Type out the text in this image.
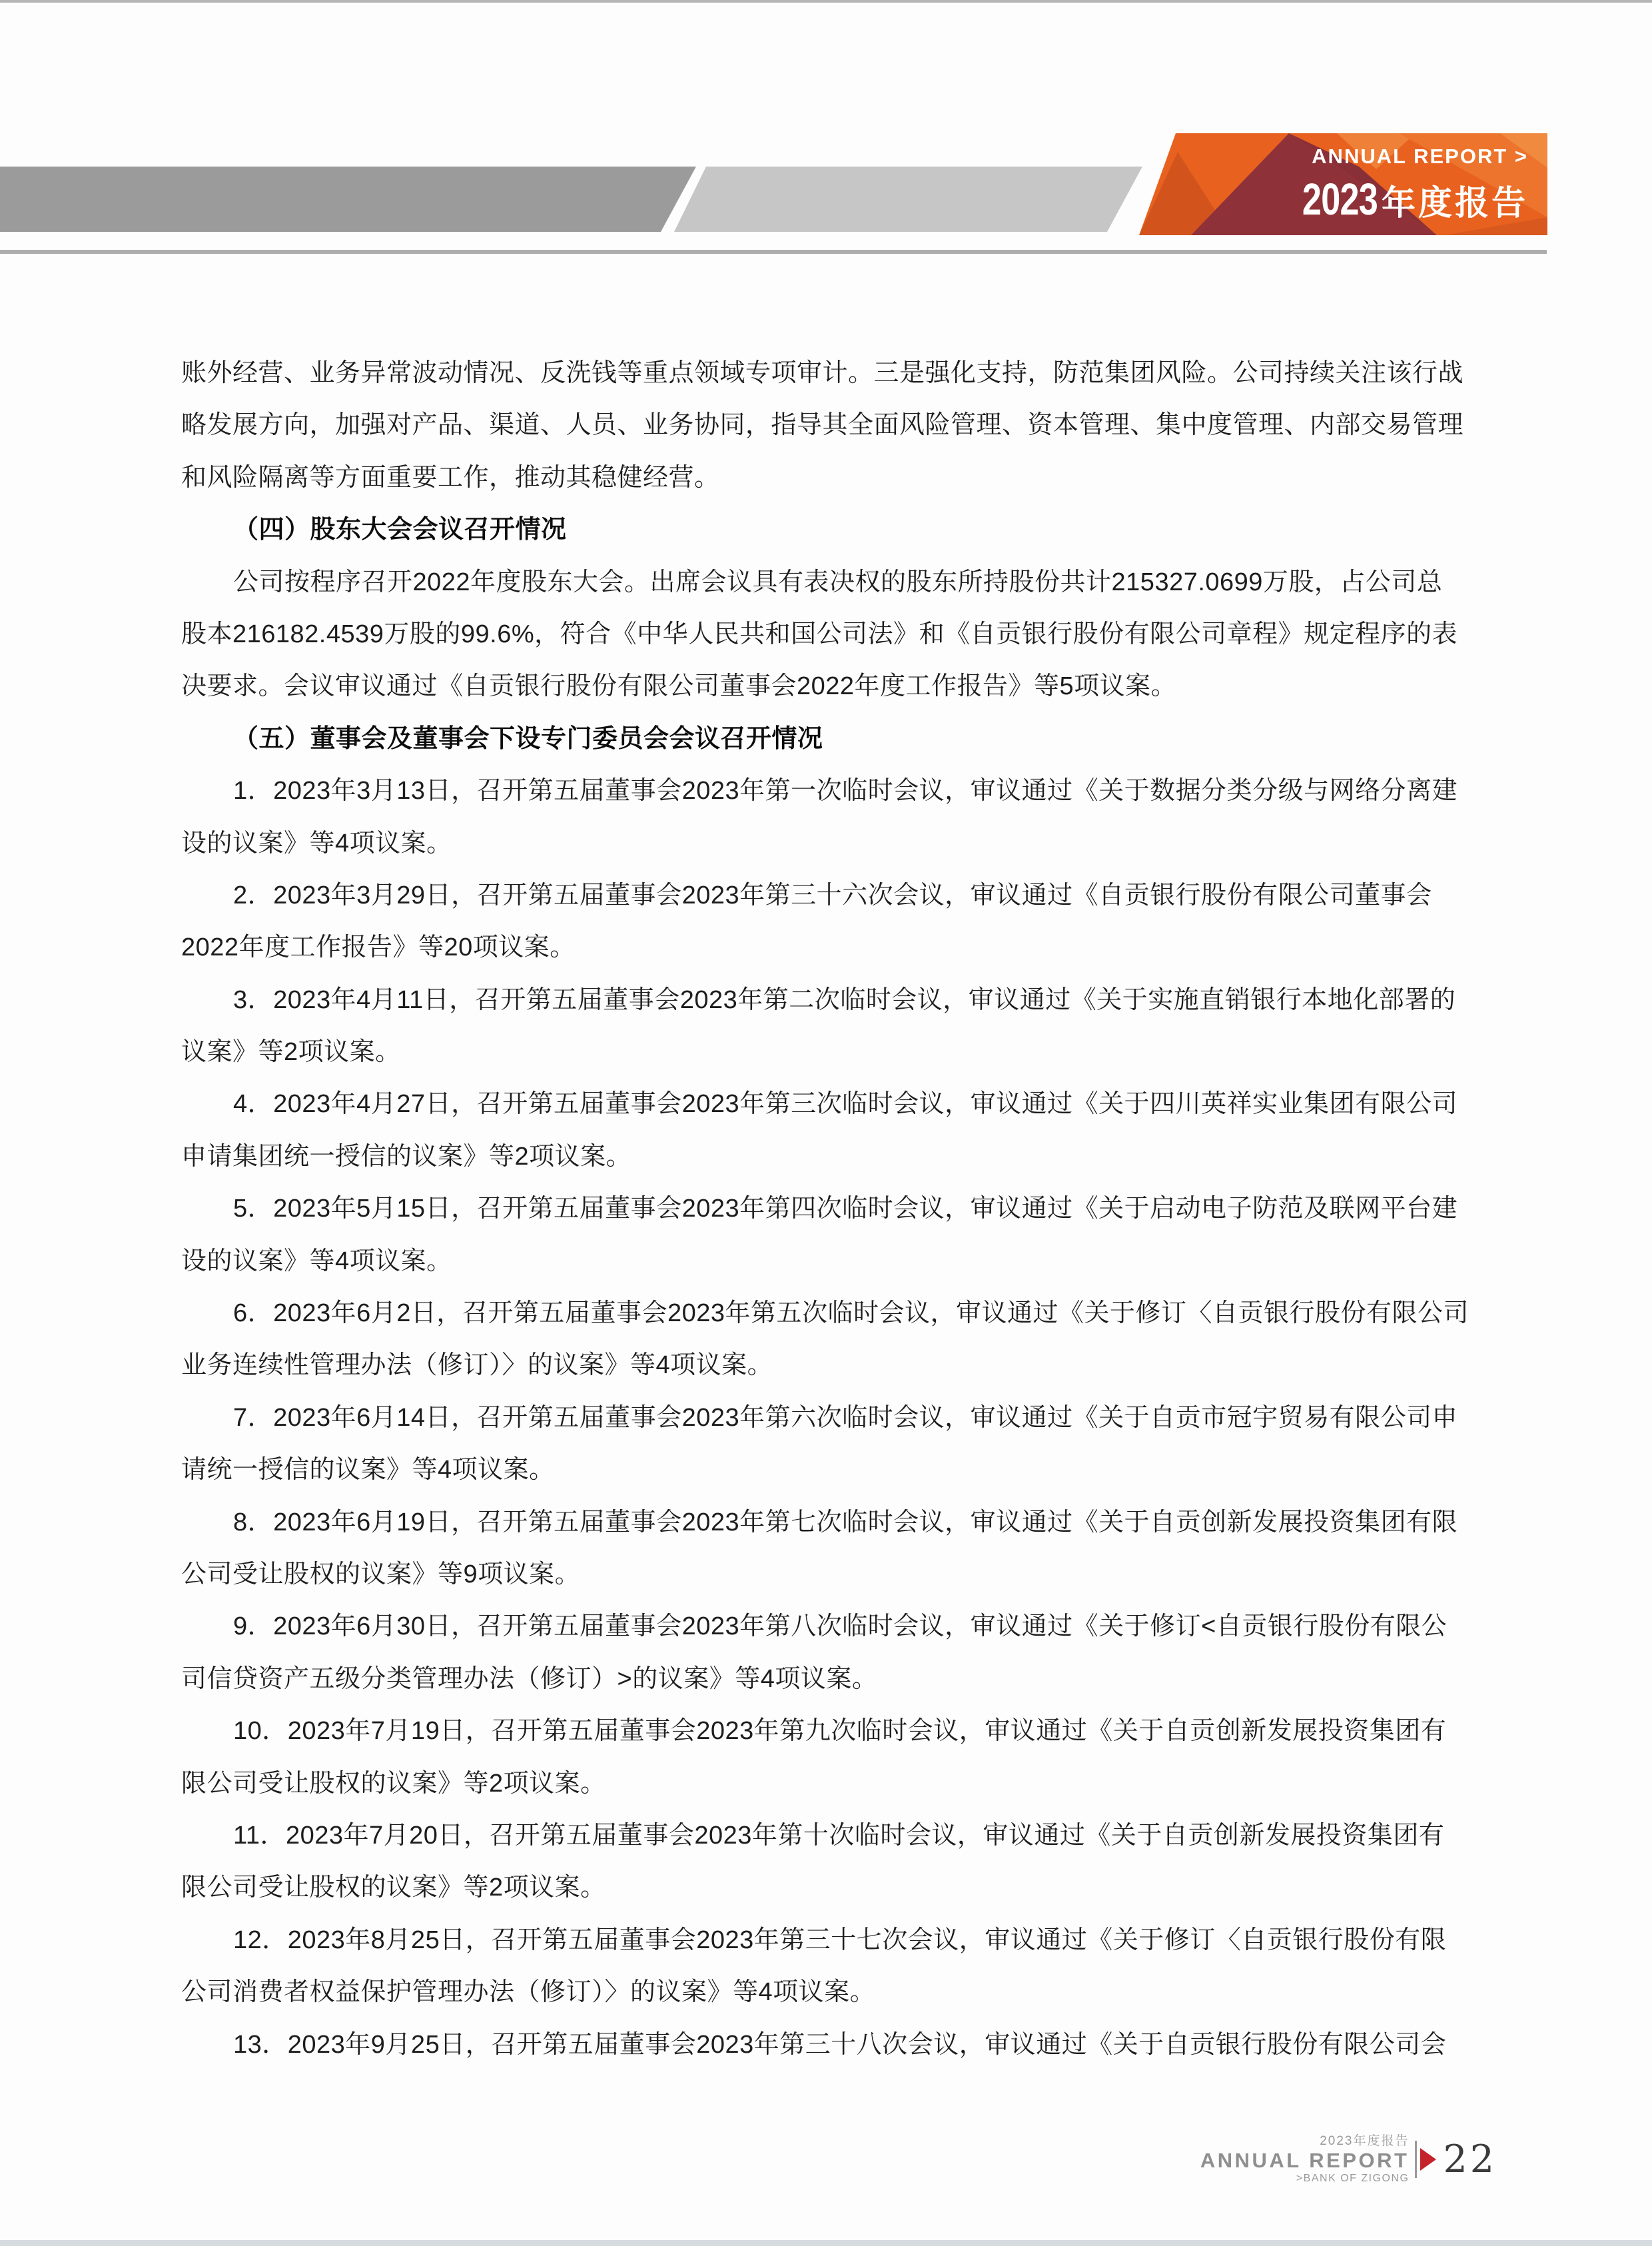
ANNUAL REPORT >
2023 年度报告
账外经营、业务异常波动情况、反洗钱等重点领域专项审计。三是强化支持，防范集团风险。公司持续关注该行战
略发展方向，加强对产品、渠道、人员、业务协同，指导其全面风险管理、资本管理、集中度管理、内部交易管理
和风险隔离等方面重要工作，推动其稳健经营。
（四）股东大会会议召开情况
公司按程序召开2022年度股东大会。出席会议具有表决权的股东所持股份共计215327.0699万股，占公司总
股本216182.4539万股的99.6%，符合《中华人民共和国公司法》和《自贡银行股份有限公司章程》规定程序的表
决要求。会议审议通过《自贡银行股份有限公司董事会2022年度工作报告》等5项议案。
（五）董事会及董事会下设专门委员会会议召开情况
1．2023年3月13日，召开第五届董事会2023年第一次临时会议，审议通过《关于数据分类分级与网络分离建
设的议案》等4项议案。
2．2023年3月29日，召开第五届董事会2023年第三十六次会议，审议通过《自贡银行股份有限公司董事会
2022年度工作报告》等20项议案。
3．2023年4月11日，召开第五届董事会2023年第二次临时会议，审议通过《关于实施直销银行本地化部署的
议案》等2项议案。
4．2023年4月27日，召开第五届董事会2023年第三次临时会议，审议通过《关于四川英祥实业集团有限公司
申请集团统一授信的议案》等2项议案。
5．2023年5月15日，召开第五届董事会2023年第四次临时会议，审议通过《关于启动电子防范及联网平台建
设的议案》等4项议案。
6．2023年6月2日，召开第五届董事会2023年第五次临时会议，审议通过《关于修订〈自贡银行股份有限公司
业务连续性管理办法（修订）〉的议案》等4项议案。
7．2023年6月14日，召开第五届董事会2023年第六次临时会议，审议通过《关于自贡市冠宇贸易有限公司申
请统一授信的议案》等4项议案。
8．2023年6月19日，召开第五届董事会2023年第七次临时会议，审议通过《关于自贡创新发展投资集团有限
公司受让股权的议案》等9项议案。
9．2023年6月30日，召开第五届董事会2023年第八次临时会议，审议通过《关于修订<自贡银行股份有限公
司信贷资产五级分类管理办法（修订）>的议案》等4项议案。
10．2023年7月19日，召开第五届董事会2023年第九次临时会议，审议通过《关于自贡创新发展投资集团有
限公司受让股权的议案》等2项议案。
11．2023年7月20日，召开第五届董事会2023年第十次临时会议，审议通过《关于自贡创新发展投资集团有
限公司受让股权的议案》等2项议案。
12．2023年8月25日，召开第五届董事会2023年第三十七次会议，审议通过《关于修订〈自贡银行股份有限
公司消费者权益保护管理办法（修订）〉的议案》等4项议案。
13．2023年9月25日，召开第五届董事会2023年第三十八次会议，审议通过《关于自贡银行股份有限公司会
2023年度报告
ANNUAL REPORT
>BANK OF ZIGONG 22
